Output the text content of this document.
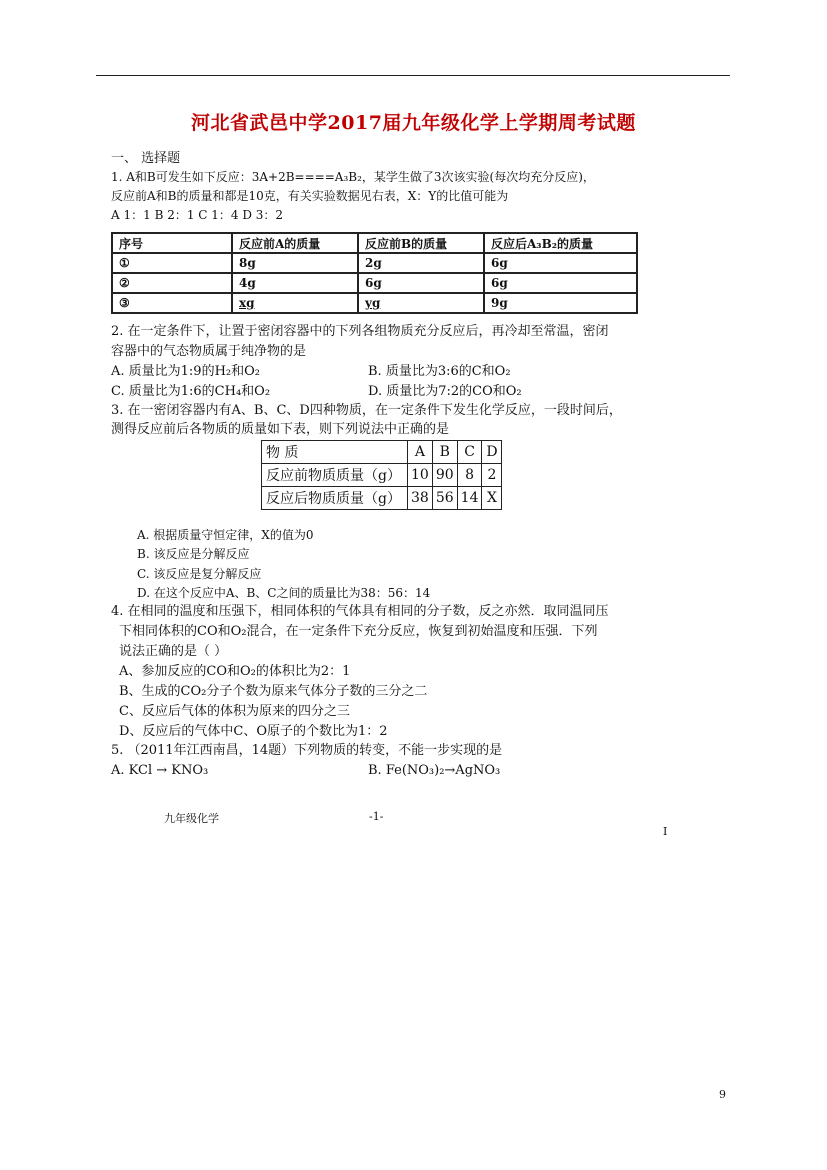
河北省武邑中学2017届九年级化学上学期周考试题
一、 选择题
1. A和B可发生如下反应：3A+2B====A₃B₂，某学生做了3次该实验(每次均充分反应)，
反应前A和B的质量和都是10克，有关实验数据见右表，X：Y的比值可能为
A 1：1 B 2：1 C 1：4 D 3：2
序号	反应前A的质量	反应前B的质量	反应后A₃B₂的质量
①	8g	2g	6g
②	4g	6g	6g
③	xg	yg	9g
2. 在一定条件下，让置于密闭容器中的下列各组物质充分反应后，再冷却至常温，密闭
容器中的气态物质属于纯净物的是
A. 质量比为1:9的H₂和O₂	B. 质量比为3:6的C和O₂
C. 质量比为1:6的CH₄和O₂	D. 质量比为7:2的CO和O₂
3. 在一密闭容器内有A、B、C、D四种物质，在一定条件下发生化学反应，一段时间后，
测得反应前后各物质的质量如下表，则下列说法中正确的是
物 质	A	B	C	D
反应前物质质量（g）	10	90	8	2
反应后物质质量（g）	38	56	14	X
A. 根据质量守恒定律，X的值为0
B. 该反应是分解反应
C. 该反应是复分解反应
D. 在这个反应中A、B、C之间的质量比为38：56：14
4. 在相同的温度和压强下，相同体积的气体具有相同的分子数，反之亦然．取同温同压
下相同体积的CO和O₂混合，在一定条件下充分反应，恢复到初始温度和压强．下列
说法正确的是（ ）
A、参加反应的CO和O₂的体积比为2：1
B、生成的CO₂分子个数为原来气体分子数的三分之二
C、反应后气体的体积为原来的四分之三
D、反应后的气体中C、O原子的个数比为1：2
5. （2011年江西南昌，14题）下列物质的转变，不能一步实现的是
A. KCl → KNO₃	B. Fe(NO₃)₂→AgNO₃
九年级化学	-1-
I
9
